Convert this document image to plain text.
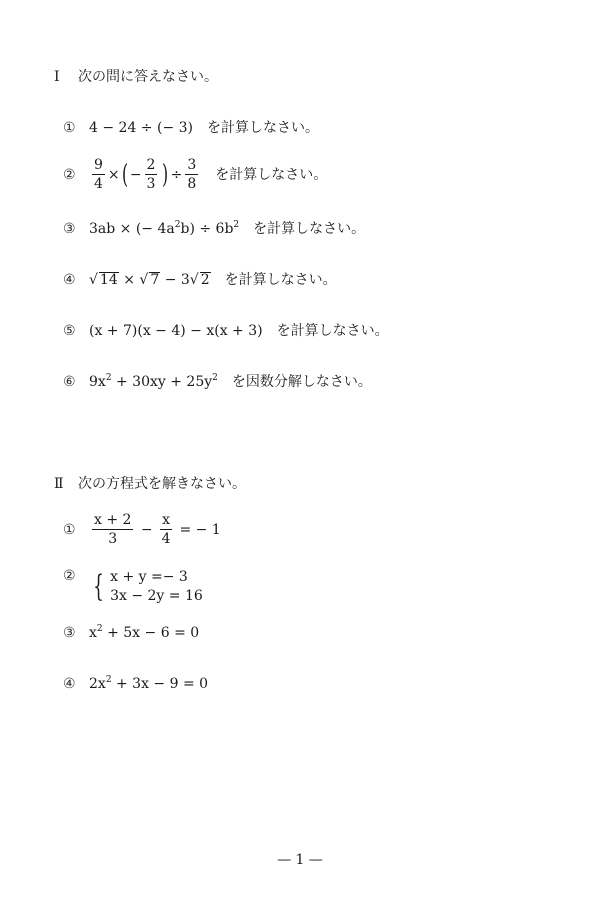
Ⅰ 次の問に答えなさい。
① 4 − 24 ÷ (− 3) を計算しなさい。
② $\frac{9}{4}$ ×( − $\frac{2}{3}$ ) ÷ $\frac{3}{8}$ を計算しなさい。
③ 3ab × (− $4a^2b) \div 6b^2$ を計算しなさい。
④ √ 14 × √ 7 − 3√ 2 を計算しなさい。
⑤ (x + 7)(x − 4) − x(x + 3) を計算しなさい。
⑥ $9x^2 + 30xy + 25y^2$ を因数分解しなさい。
Ⅱ 次の方程式を解きなさい。
① $\frac{x + 2}{3} - \frac{x}{4}$ = − 1
② { x + y =− 3
3x − 2y = 16
③ $x^2 + 5x - 6 = 0$
④ $2x^2 + 3x - 9 = 0$
— 1 —
